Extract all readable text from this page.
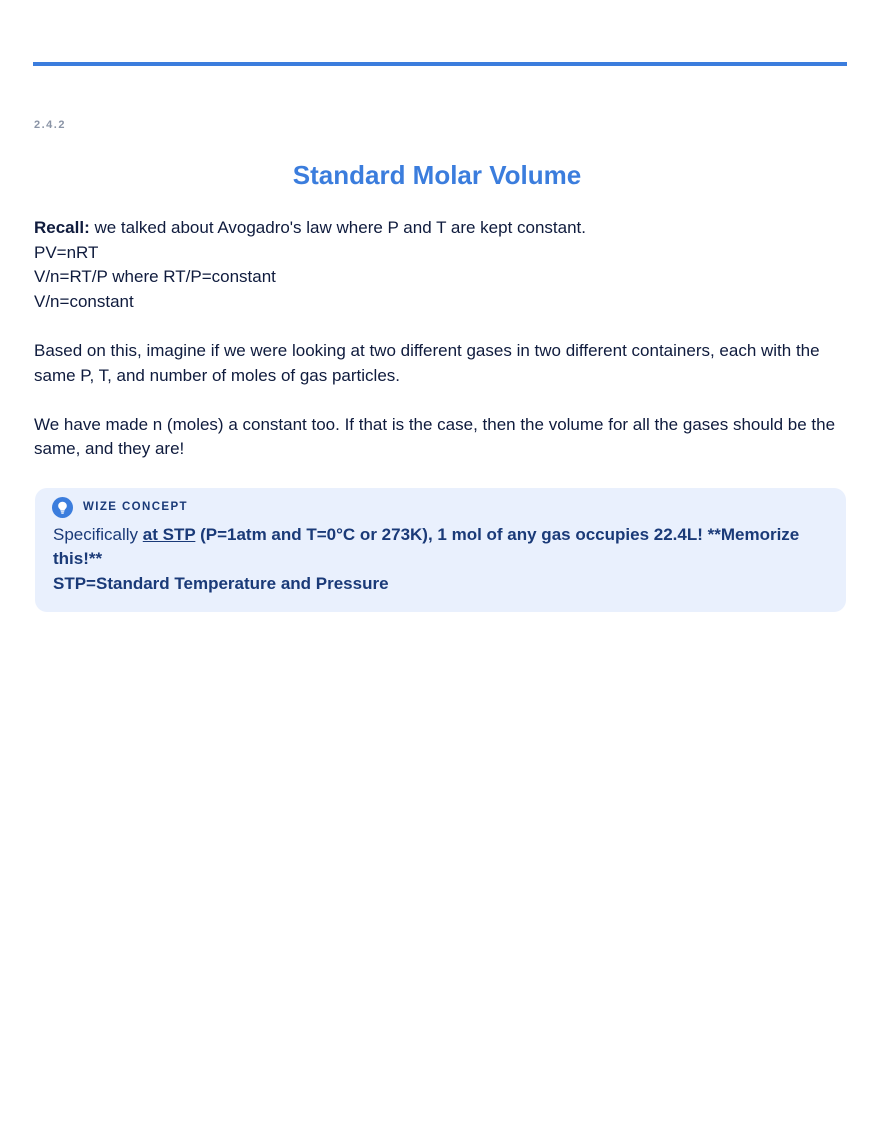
2.4.2
Standard Molar Volume
Recall: we talked about Avogadro's law where P and T are kept constant.
PV=nRT
V/n=RT/P where RT/P=constant
V/n=constant

Based on this, imagine if we were looking at two different gases in two different containers, each with the same P, T, and number of moles of gas particles.

We have made n (moles) a constant too. If that is the case, then the volume for all the gases should be the same, and they are!

WIZE CONCEPT
Specifically at STP (P=1atm and T=0°C or 273K), 1 mol of any gas occupies 22.4L! **Memorize this!**
STP=Standard Temperature and Pressure
